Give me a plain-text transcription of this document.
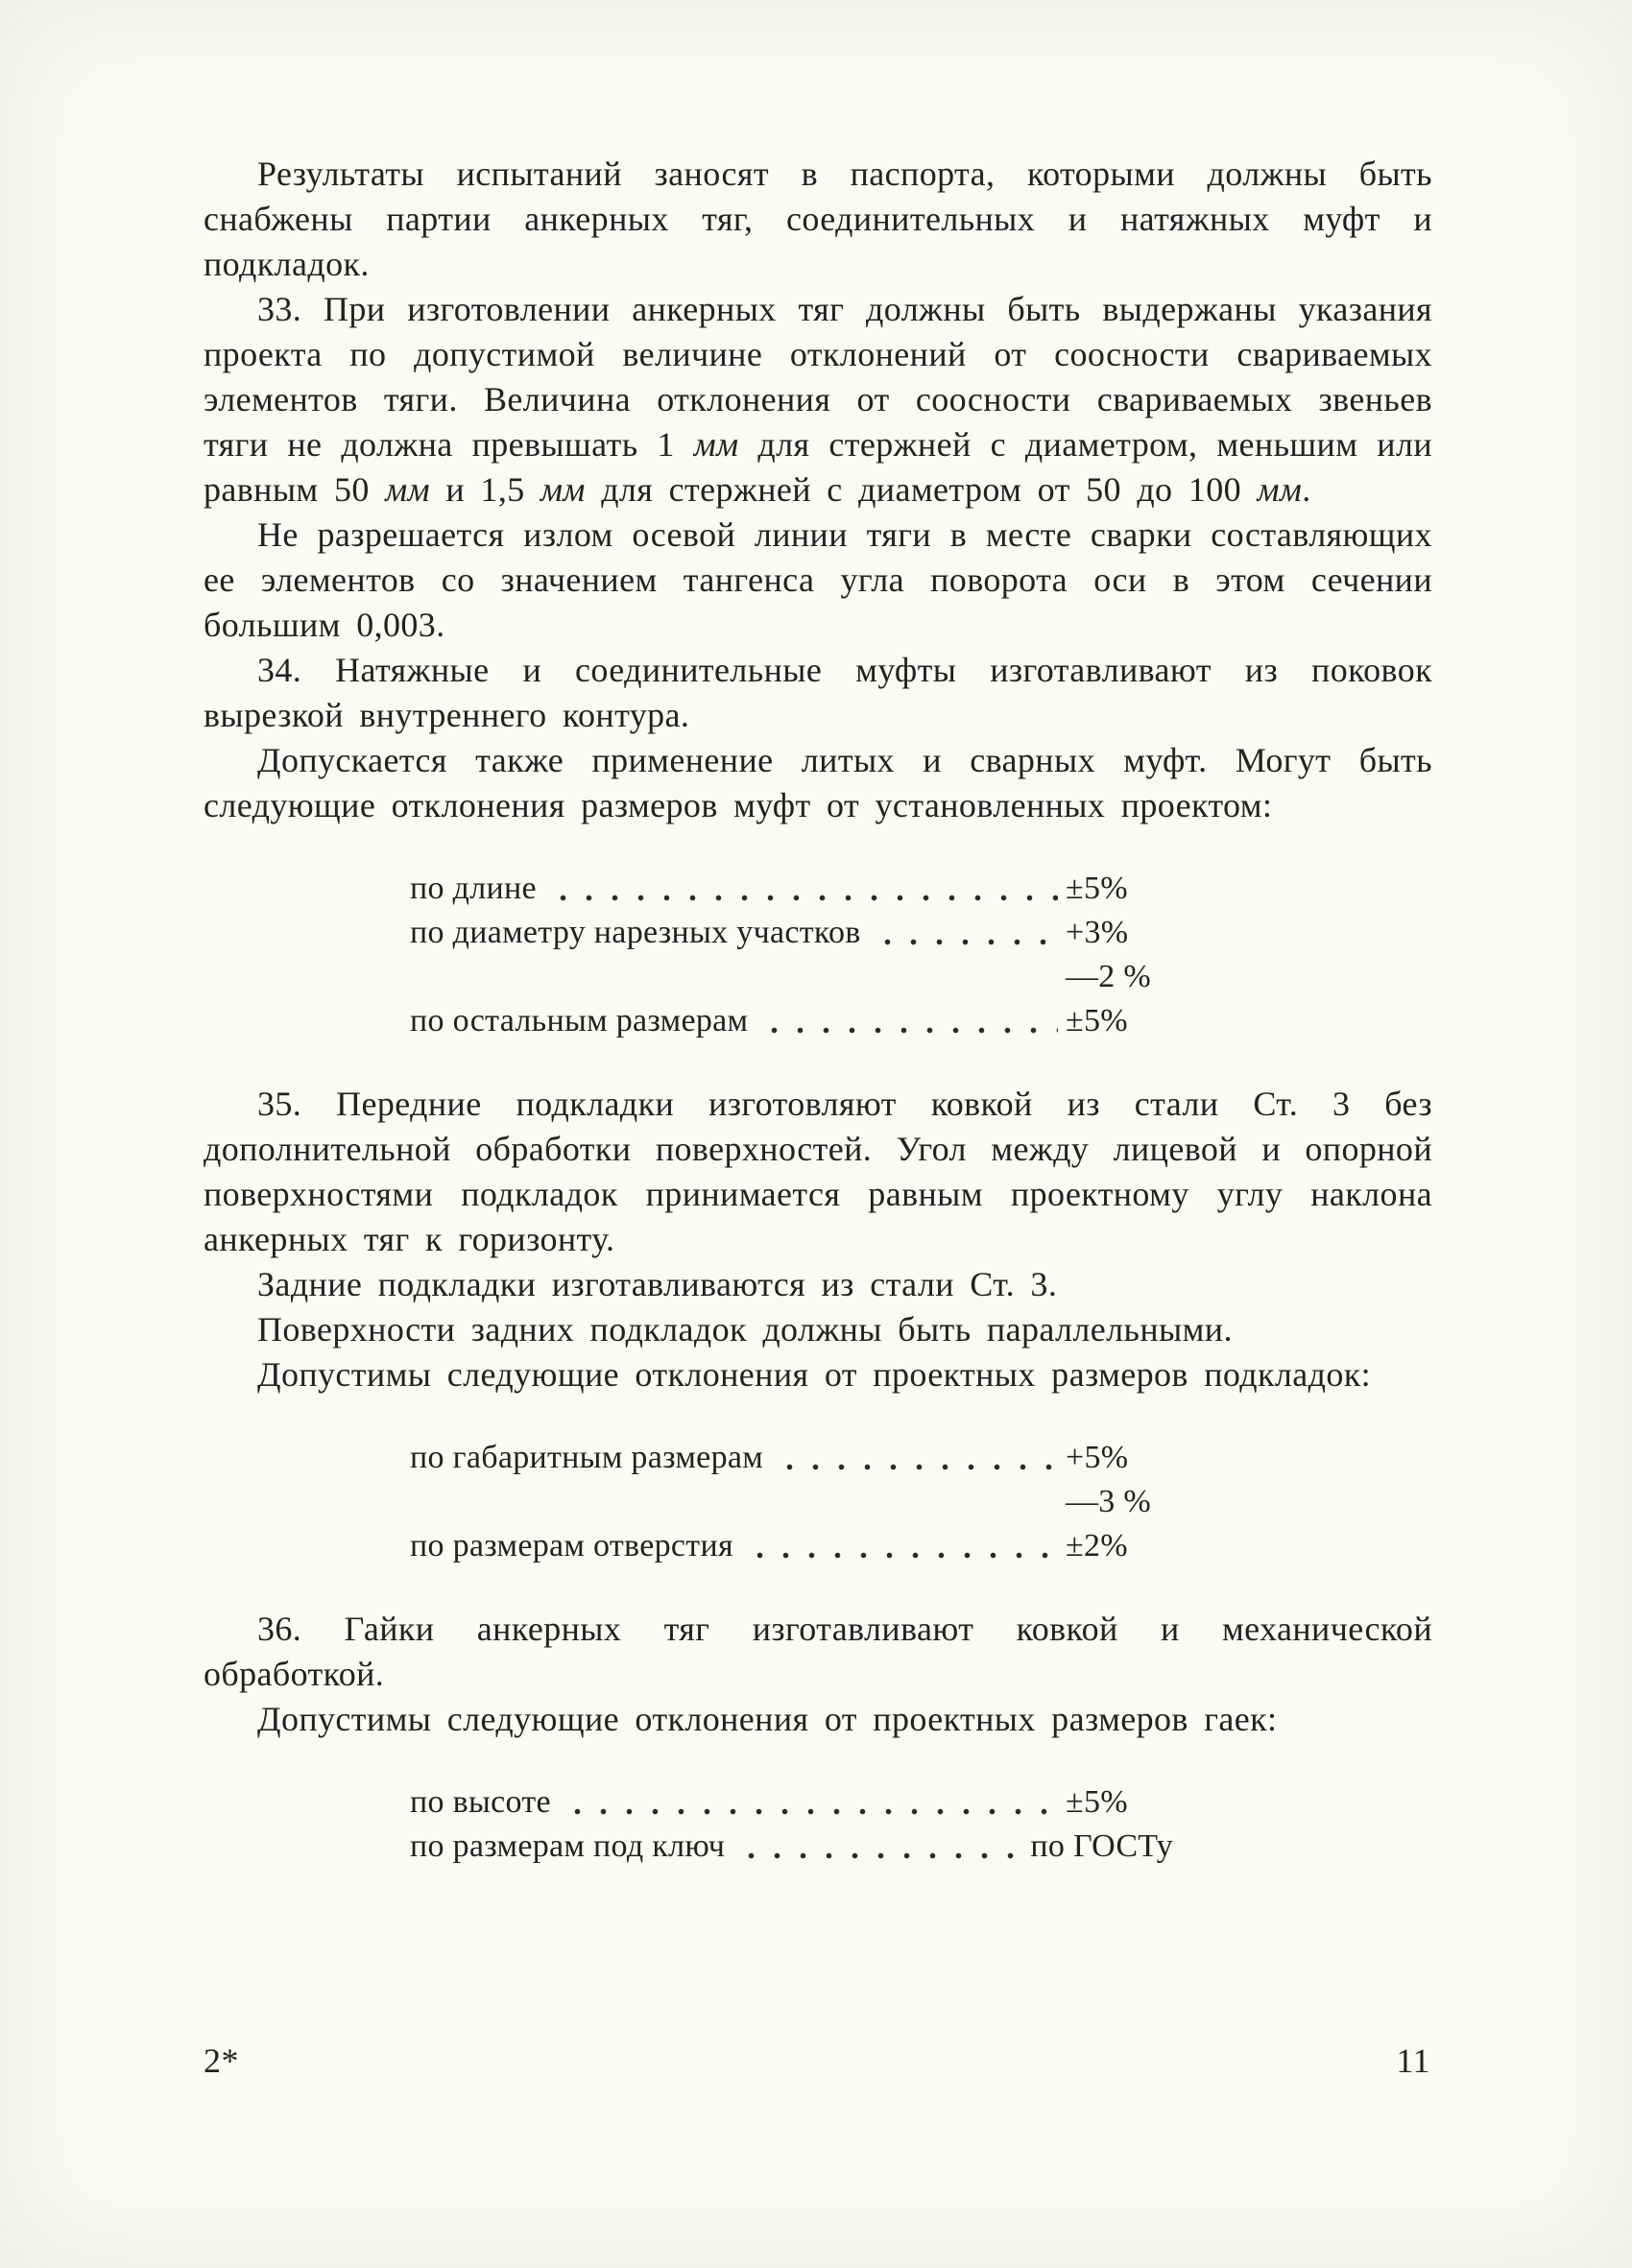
Результаты испытаний заносят в паспорта, которыми должны быть снабжены партии анкерных тяг, соединительных и натяжных муфт и подкладок.

33. При изготовлении анкерных тяг должны быть выдержаны указания проекта по допустимой величине отклонений от соосности свариваемых элементов тяги. Величина отклонения от соосности свариваемых звеньев тяги не должна превышать 1 мм для стержней с диаметром, меньшим или равным 50 мм и 1,5 мм для стержней с диаметром от 50 до 100 мм.

Не разрешается излом осевой линии тяги в месте сварки составляющих ее элементов со значением тангенса угла поворота оси в этом сечении большим 0,003.

34. Натяжные и соединительные муфты изготавливают из поковок вырезкой внутреннего контура.

Допускается также применение литых и сварных муфт. Могут быть следующие отклонения размеров муфт от установленных проектом:

по длине	±5%
по диаметру нарезных участков	+3%
—2 %
по остальным размерам	±5%

35. Передние подкладки изготовляют ковкой из стали Ст. 3 без дополнительной обработки поверхностей. Угол между лицевой и опорной поверхностями подкладок принимается равным проектному углу наклона анкерных тяг к горизонту.

Задние подкладки изготавливаются из стали Ст. 3.

Поверхности задних подкладок должны быть параллельными.

Допустимы следующие отклонения от проектных размеров подкладок:

по габаритным размерам	+5%
—3 %
по размерам отверстия	±2%

36. Гайки анкерных тяг изготавливают ковкой и механической обработкой.

Допустимы следующие отклонения от проектных размеров гаек:

по высоте	±5%
по размерам под ключ	по ГОСТу
2*	11
